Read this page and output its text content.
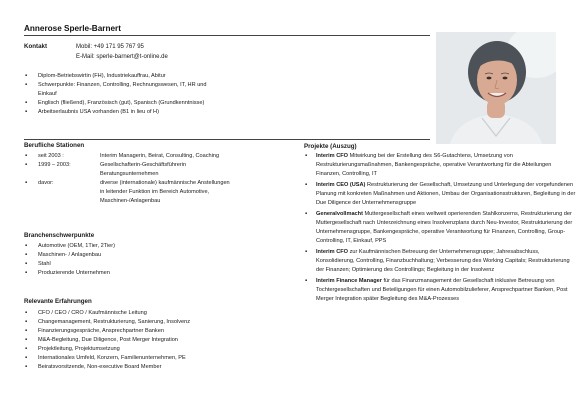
Annerose Sperle-Barnert
Kontakt	Mobil: +49 171 95 767 95
E-Mail: sperle-barnert@t-online.de
▪ Diplom-Betriebswirtin (FH), Industriekauffrau, Abitur
▪ Schwerpunkte: Finanzen, Controlling, Rechnungswesen, IT, HR und
Einkauf
▪ Englisch (fließend), Französisch (gut), Spanisch (Grundkenntnisse)
▪ Arbeitserlaubnis USA vorhanden (B1 in lieu of H)
Berufliche Stationen
▪ seit 2003 :	Interim Managerin, Beirat, Consulting, Coaching
▪ 1999 – 2003:	Gesellschafterin-Geschäftsführerin
Beratungsunternehmen
▪ davor:	diverse (internationale) kaufmännische Anstellungen
in leitender Funktion im Bereich Automotive,
Maschinen-/Anlagenbau
Branchenschwerpunkte
▪ Automotive (OEM, 1Tier, 2Tier)
▪ Maschinen- / Anlagenbau
▪ Stahl
▪ Produzierende Unternehmen
Relevante Erfahrungen
▪ CFO / CEO / CRO / Kaufmännische Leitung
▪ Changemanagement, Restrukturierung, Sanierung, Insolvenz
▪ Finanzierungsgespräche, Ansprechpartner Banken
▪ M&A-Begleitung, Due Diligence, Post Merger Integration
▪ Projektleitung, Projektumsetzung
▪ Internationales Umfeld, Konzern, Familienunternehmen, PE
▪ Beiratsvorsitzende, Non-executive Board Member
Projekte (Auszug)
▪ Interim CFO Mitwirkung bei der Erstellung des S6-Gutachtens, Umsetzung von Restrukturierungsmaßnahmen, Bankengespräche, operative Verantwortung für die Abteilungen Finanzen, Controlling, IT
▪ Interim CEO (USA) Restrukturierung der Gesellschaft, Umsetzung und Unterlegung der vorgefundenen Planung mit konkreten Maßnahmen und Aktionen, Umbau der Organisationsstrukturen, Begleitung in der Due Diligence der Unternehmensgruppe
▪ Generalvollmacht Muttergesellschaft eines weltweit operierenden Stahlkonzerns, Restrukturierung der Muttergesellschaft nach Unterzeichnung eines Insolvenzplans durch Neu-Investor, Restrukturierung der Unternehmensgruppe, Bankengespräche, operative Verantwortung für Finanzen, Controlling, Group-Controlling, IT, Einkauf, PPS
▪ Interim CFO zur Kaufmännischen Betreuung der Unternehmensgruppe; Jahresabschluss, Konsolidierung, Controlling, Finanzbuchhaltung; Verbesserung des Working Capitals; Restrukturierung der Finanzen; Optimierung des Controllings; Begleitung in der Insolvenz
▪ Interim Finance Manager für das Finanzmanagement der Gesellschaft inklusive Betreuung von Tochtergesellschaften und Beteiligungen für einen Automobilzulieferer, Ansprechpartner Banken, Post Merger Integration später Begleitung des M&A-Prozesses
